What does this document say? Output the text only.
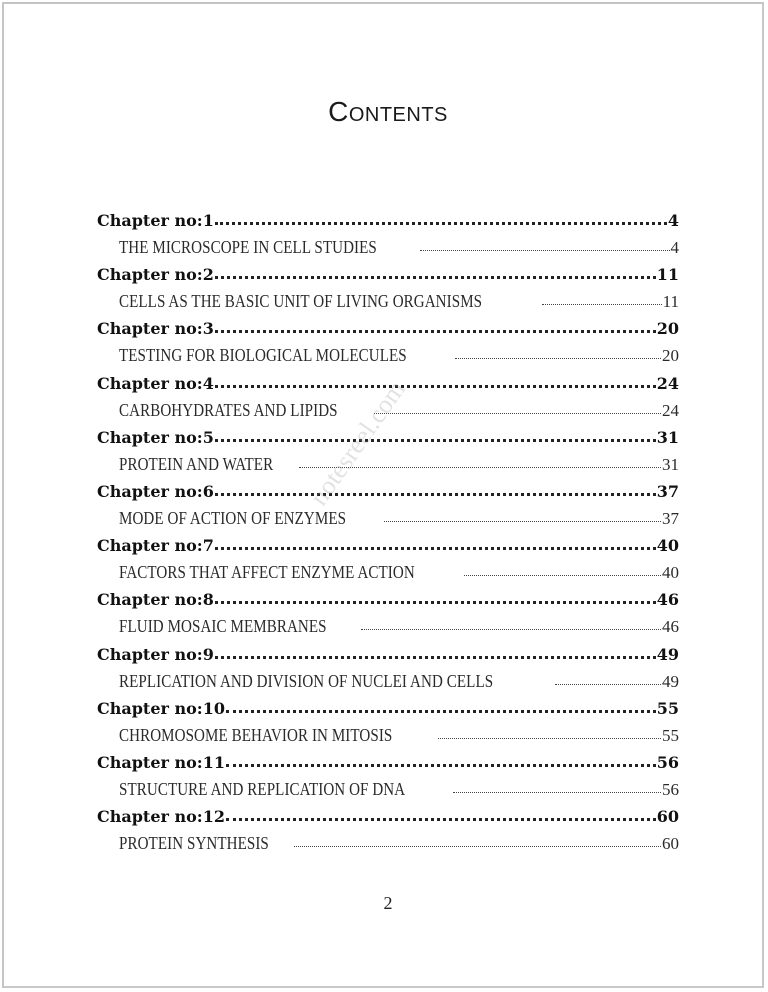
Contents
Chapter no:1	4
THE MICROSCOPE IN CELL STUDIES	4
Chapter no:2	11
CELLS AS THE BASIC UNIT OF LIVING ORGANISMS	11
Chapter no:3	20
TESTING FOR BIOLOGICAL MOLECULES	20
Chapter no:4	24
CARBOHYDRATES AND LIPIDS	24
Chapter no:5	31
PROTEIN AND WATER	31
Chapter no:6	37
MODE OF ACTION OF ENZYMES	37
Chapter no:7	40
FACTORS THAT AFFECT ENZYME ACTION	40
Chapter no:8	46
FLUID MOSAIC MEMBRANES	46
Chapter no:9	49
REPLICATION AND DIVISION OF NUCLEI AND CELLS	49
Chapter no:10	55
CHROMOSOME BEHAVIOR IN MITOSIS	55
Chapter no:11	56
STRUCTURE AND REPLICATION OF DNA	56
Chapter no:12	60
PROTEIN SYNTHESIS	60
notesreel.com
2
